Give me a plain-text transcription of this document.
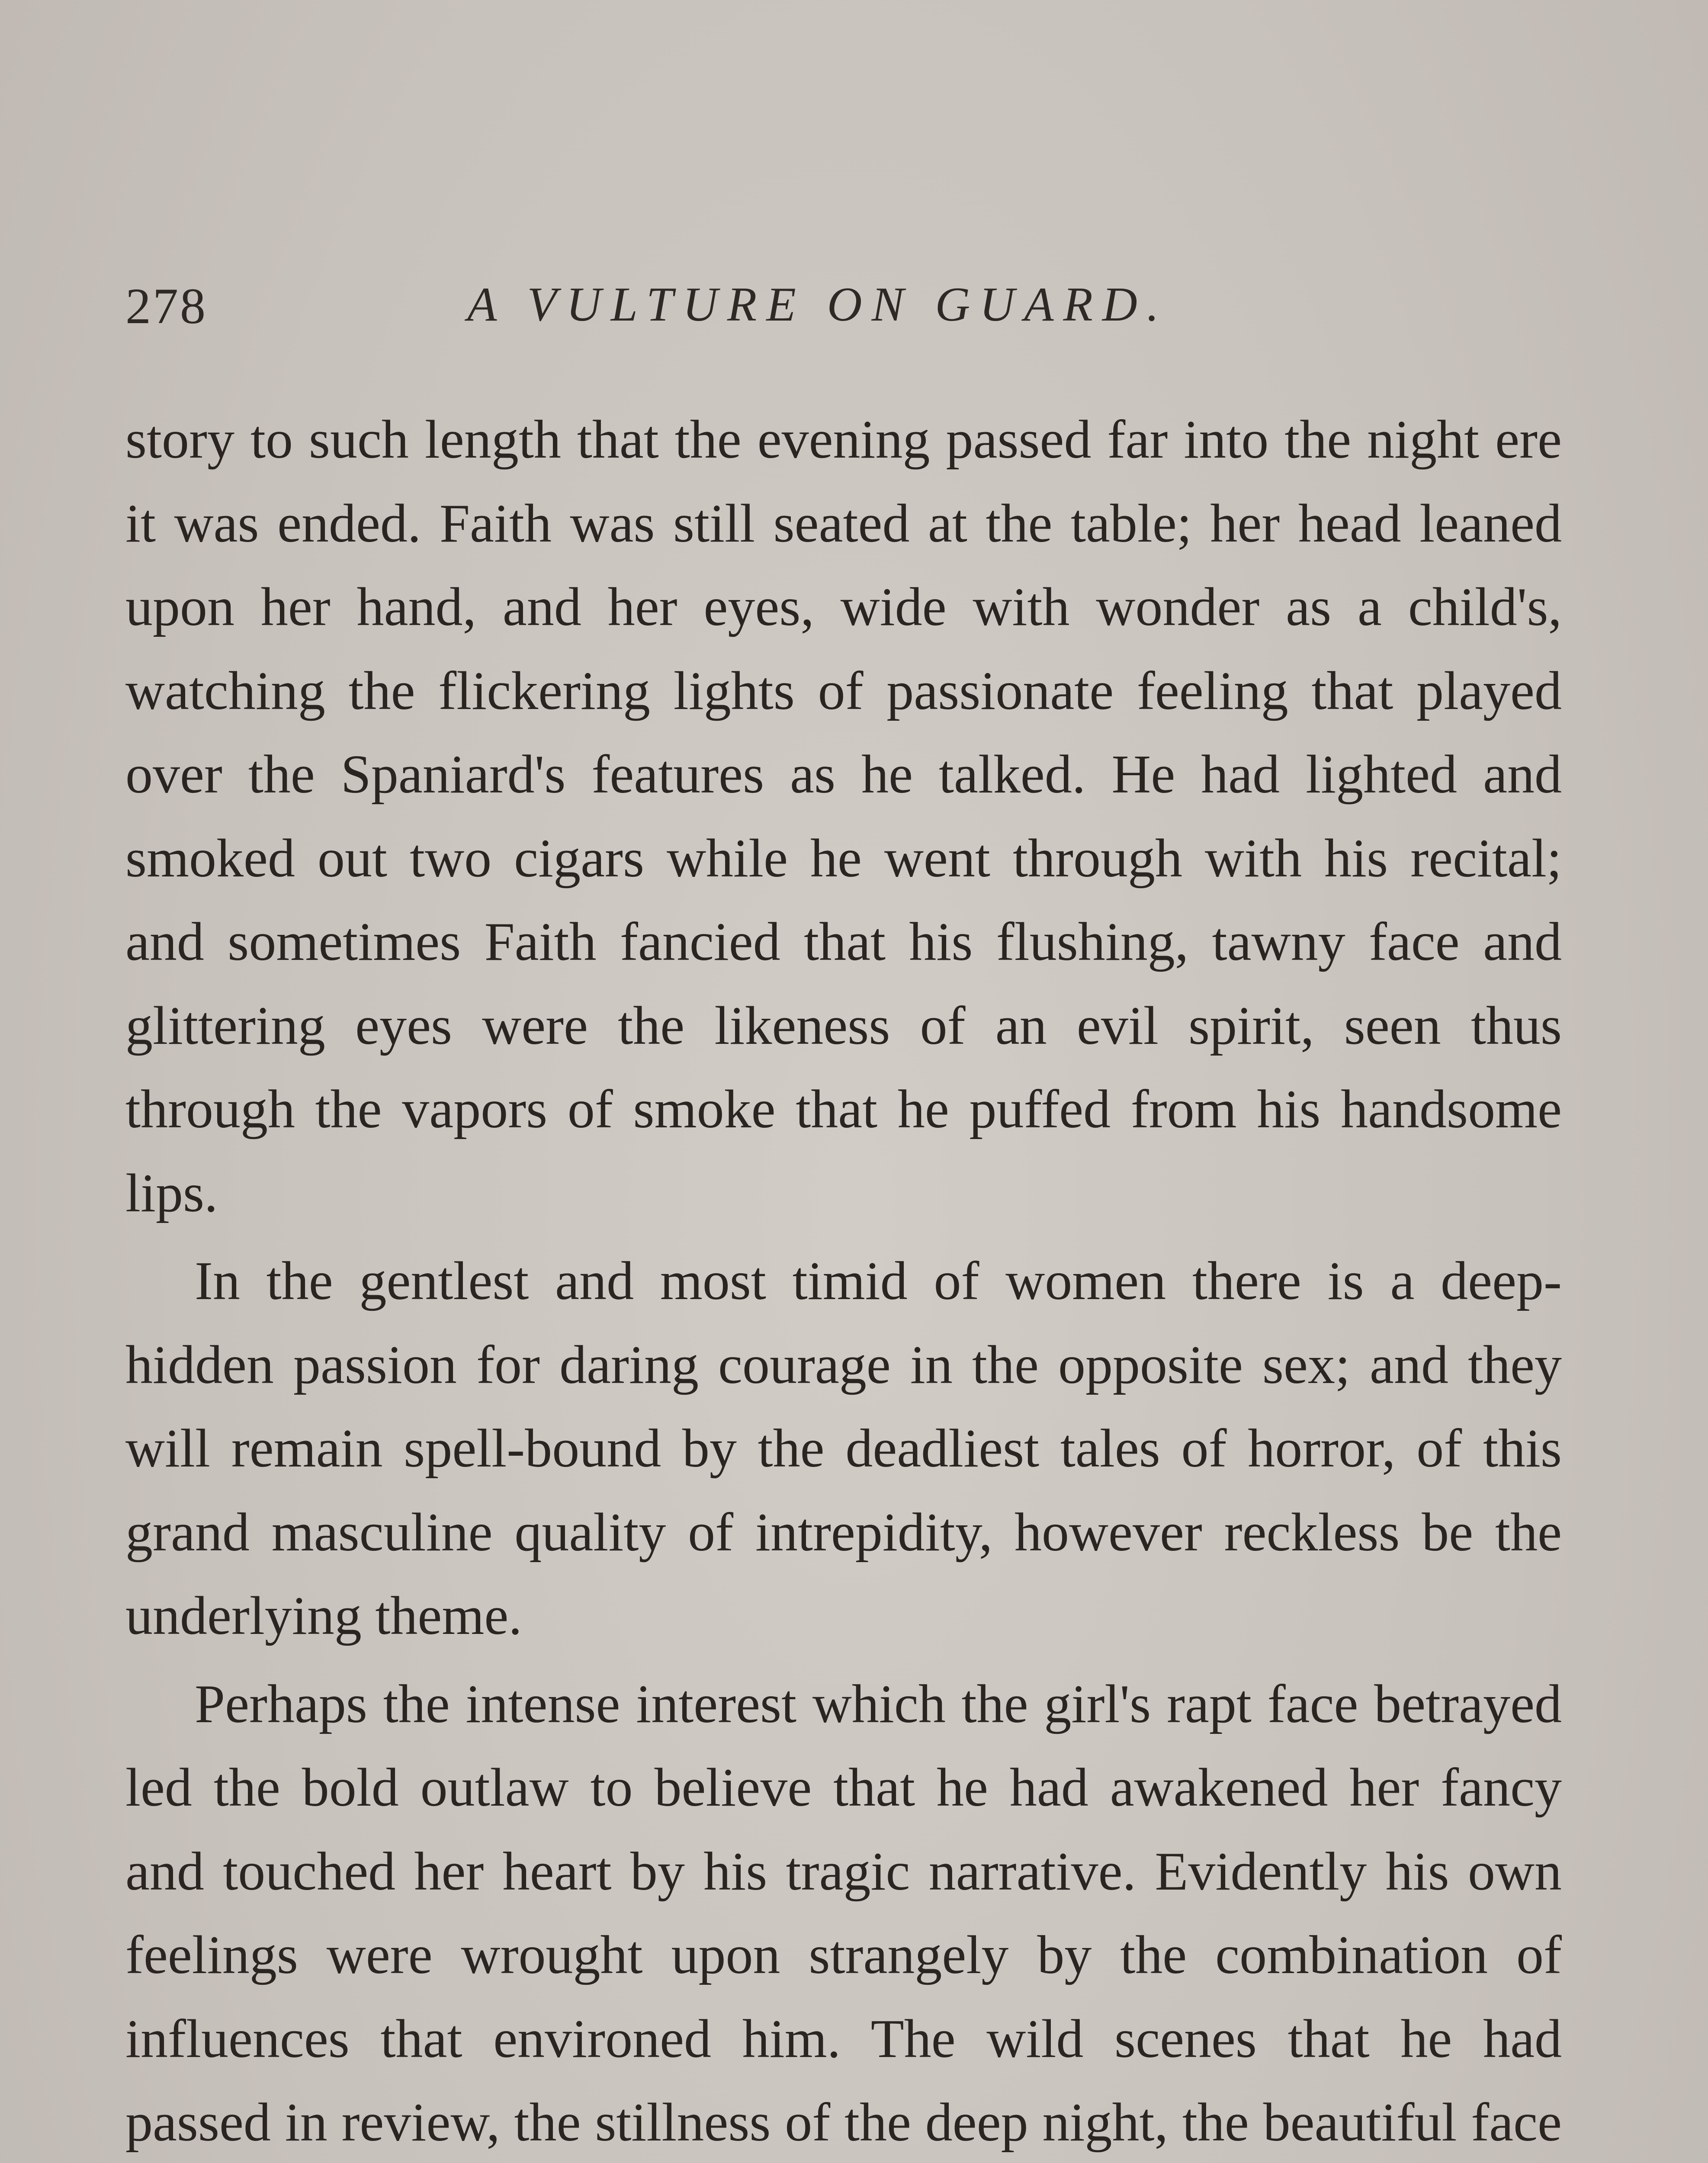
278	A VULTURE ON GUARD.

story to such length that the evening passed far into the night ere it was ended. Faith was still seated at the table; her head leaned upon her hand, and her eyes, wide with wonder as a child's, watching the flickering lights of passionate feeling that played over the Spaniard's features as he talked. He had lighted and smoked out two cigars while he went through with his recital; and sometimes Faith fancied that his flushing, tawny face and glittering eyes were the likeness of an evil spirit, seen thus through the vapors of smoke that he puffed from his handsome lips.

In the gentlest and most timid of women there is a deep-hidden passion for daring courage in the opposite sex; and they will remain spell-bound by the deadliest tales of horror, of this grand masculine quality of intrepidity, however reckless be the underlying theme.

Perhaps the intense interest which the girl's rapt face betrayed led the bold outlaw to believe that he had awakened her fancy and touched her heart by his tragic narrative. Evidently his own feelings were wrought upon strangely by the combination of influences that environed him. The wild scenes that he had passed in review, the stillness of the deep night, the beautiful face
